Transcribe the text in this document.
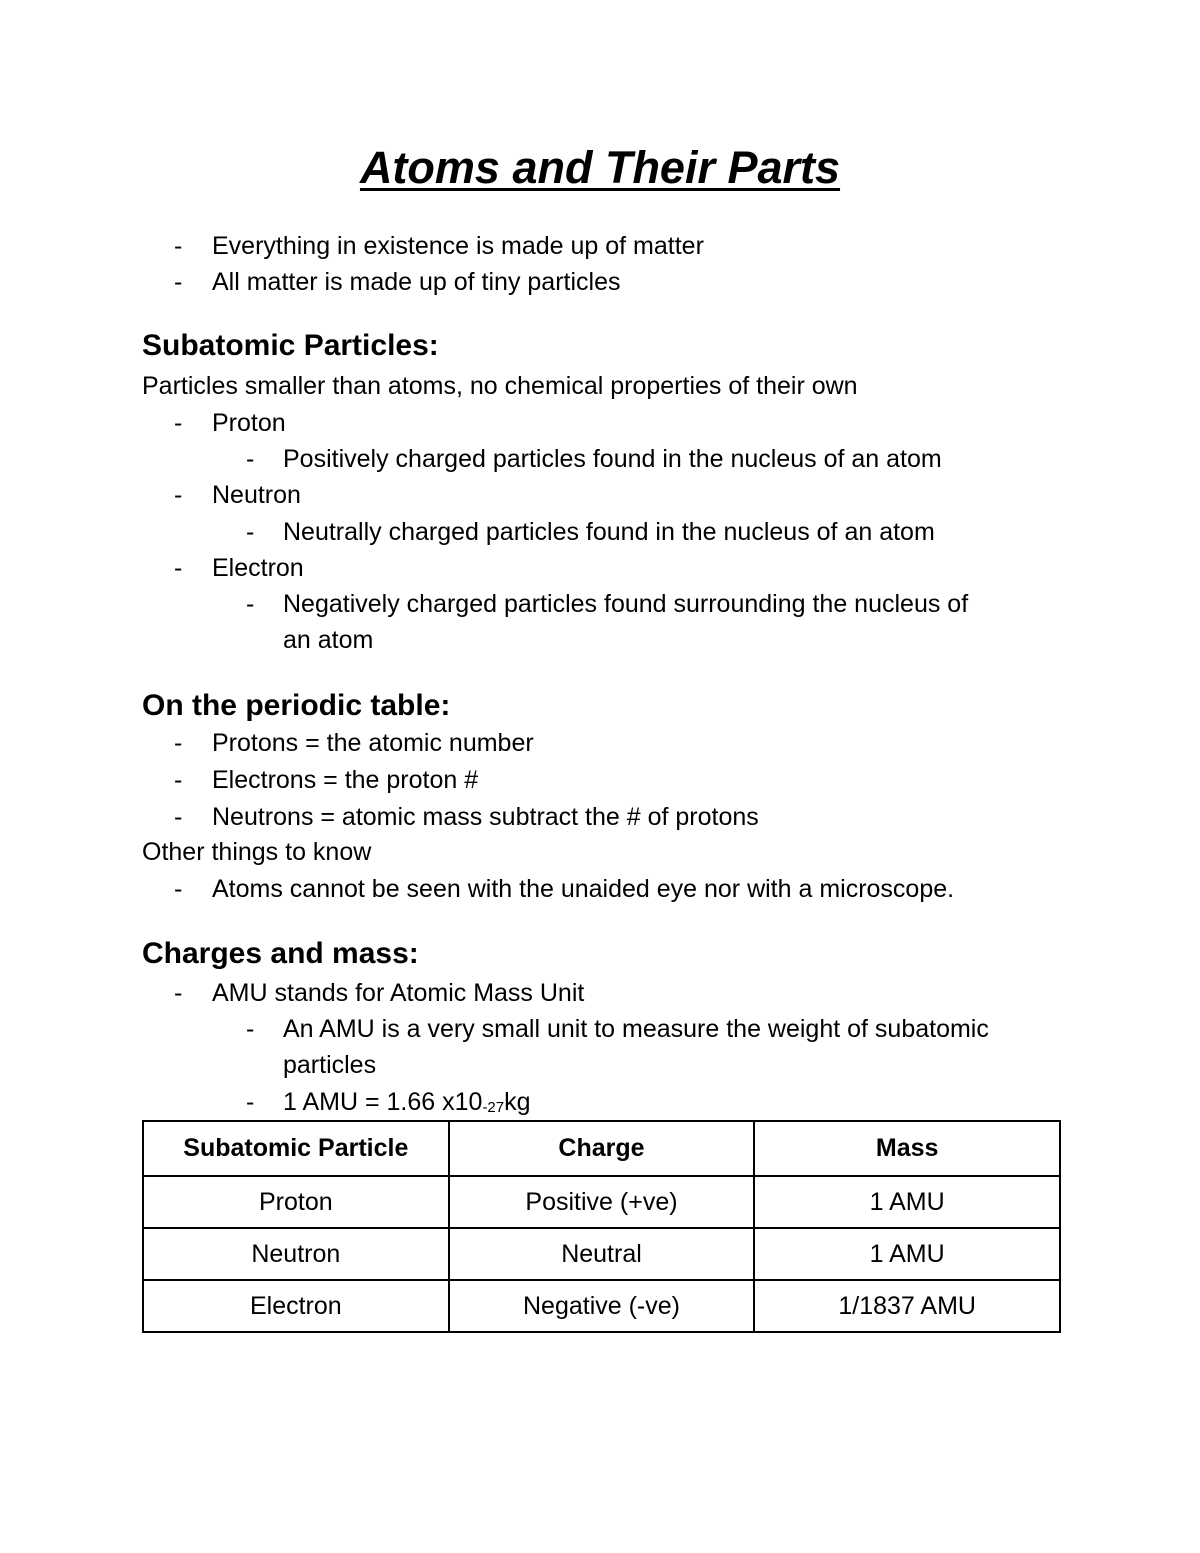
Atoms and Their Parts
- Everything in existence is made up of matter
- All matter is made up of tiny particles
Subatomic Particles:
Particles smaller than atoms, no chemical properties of their own
- Proton
- Positively charged particles found in the nucleus of an atom
- Neutron
- Neutrally charged particles found in the nucleus of an atom
- Electron
- Negatively charged particles found surrounding the nucleus of
an atom
On the periodic table:
- Protons = the atomic number
- Electrons = the proton #
- Neutrons = atomic mass subtract the # of protons
Other things to know
- Atoms cannot be seen with the unaided eye nor with a microscope.
Charges and mass:
- AMU stands for Atomic Mass Unit
- An AMU is a very small unit to measure the weight of subatomic
particles
- 1 AMU = 1.66 $x10_{-27}kg$
Subatomic Particle	Charge	Mass
Proton	Positive (+ve)	1 AMU
Neutron	Neutral	1 AMU
Electron	Negative (-ve)	1/1837 AMU
